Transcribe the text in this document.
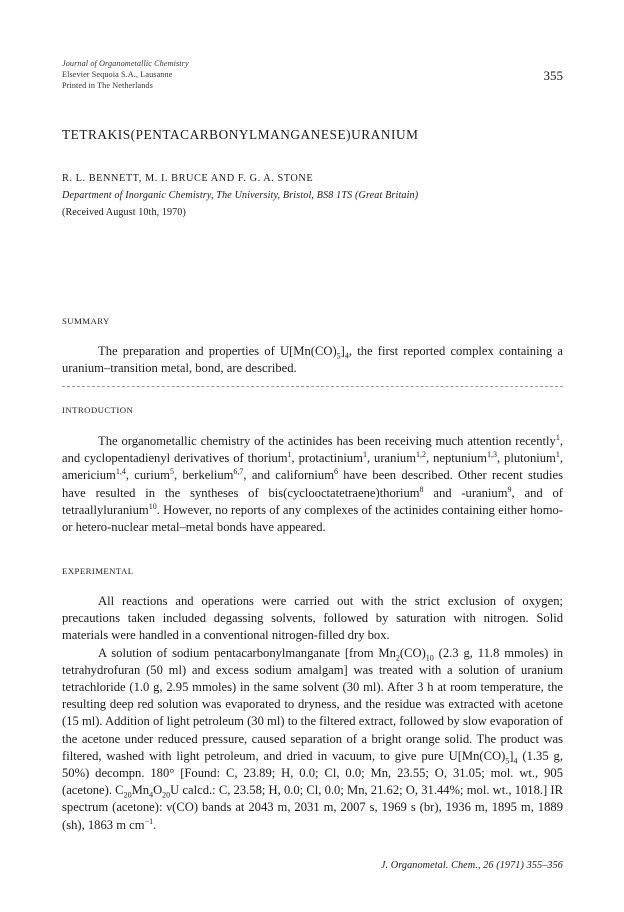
Journal of Organometallic Chemistry
Elsevier Sequoia S.A., Lausanne
Printed in The Netherlands
355
TETRAKIS(PENTACARBONYLMANGANESE)URANIUM
R. L. BENNETT, M. I. BRUCE AND F. G. A. STONE
Department of Inorganic Chemistry, The University, Bristol, BS8 1TS (Great Britain)
(Received August 10th, 1970)
SUMMARY

The preparation and properties of $U[Mn(CO)_5]_4$, the first reported complex containing a uranium–transition metal, bond, are described.

INTRODUCTION

The organometallic chemistry of the actinides has been receiving much attention recently$^1$, and cyclopentadienyl derivatives of thorium$^1$, protactinium$^1$, uranium$^{1,2}$, neptunium$^{1,3}$, plutonium$^1$, americium$^{1,4}$, curium$^5$, berkelium$^{6,7}$, and californium$^6$ have been described. Other recent studies have resulted in the syntheses of bis(cyclooctatetraene)thorium$^8$ and -uranium$^9$, and of tetraallyluranium$^{10}$. However, no reports of any complexes of the actinides containing either homo- or hetero-nuclear metal–metal bonds have appeared.

EXPERIMENTAL

All reactions and operations were carried out with the strict exclusion of oxygen; precautions taken included degassing solvents, followed by saturation with nitrogen. Solid materials were handled in a conventional nitrogen-filled dry box.

A solution of sodium pentacarbonylmanganate [from $Mn_2(CO)_{10}$ (2.3 g, 11.8 mmoles) in tetrahydrofuran (50 ml) and excess sodium amalgam] was treated with a solution of uranium tetrachloride (1.0 g, 2.95 mmoles) in the same solvent (30 ml). After 3 h at room temperature, the resulting deep red solution was evaporated to dryness, and the residue was extracted with acetone (15 ml). Addition of light petroleum (30 ml) to the filtered extract, followed by slow evaporation of the acetone under reduced pressure, caused separation of a bright orange solid. The product was filtered, washed with light petroleum, and dried in vacuum, to give pure $U[Mn(CO)_5]_4$ (1.35 g, 50%) decompn. 180° [Found: C, 23.89; H, 0.0; Cl, 0.0; Mn, 23.55; O, 31.05; mol. wt., 905 (acetone). $C_{20}Mn_4O_{20}U$ calcd.: C, 23.58; H, 0.0; Cl, 0.0; Mn, 21.62; O, 31.44%; mol. wt., 1018.] IR spectrum (acetone): ν(CO) bands at 2043 m, 2031 m, 2007 s, 1969 s (br), 1936 m, 1895 m, 1889 (sh), 1863 m $cm^{-1}$.

J. Organometal. Chem., 26 (1971) 355–356
